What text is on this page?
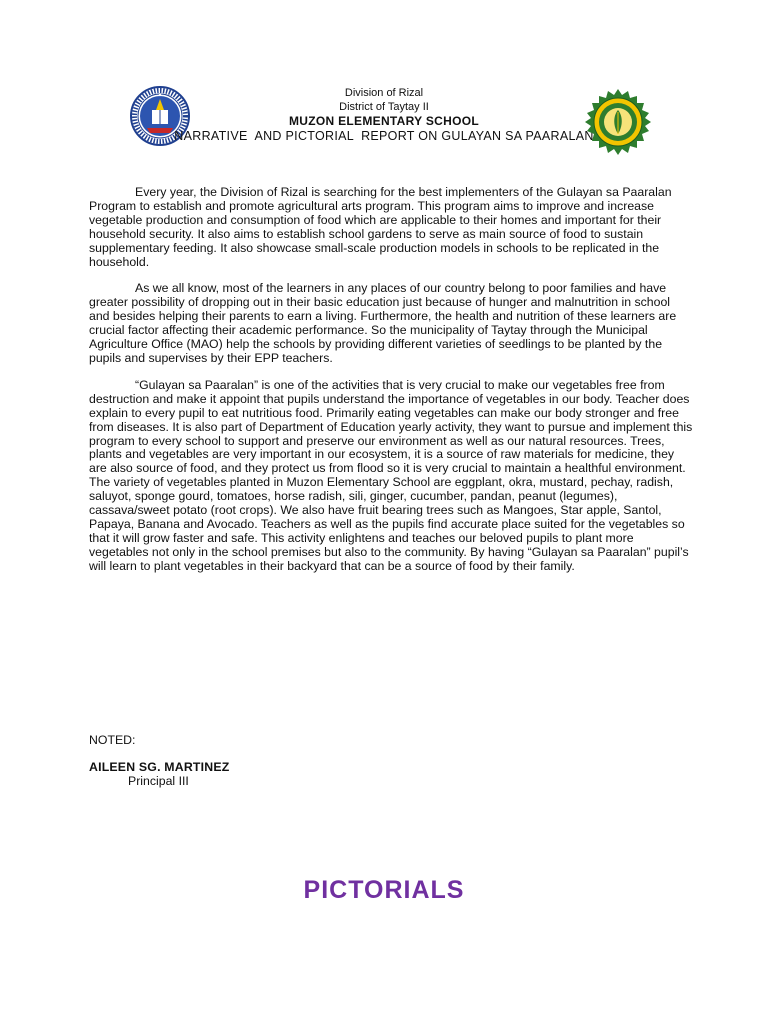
Division of Rizal
District of Taytay II
MUZON ELEMENTARY SCHOOL
NARRATIVE  AND PICTORIAL  REPORT ON GULAYAN SA PAARALAN

Every year, the Division of Rizal is searching for the best implementers of the Gulayan sa Paaralan Program to establish and promote agricultural arts program. This program aims to improve and increase vegetable production and consumption of food which are applicable to their homes and important for their household security. It also aims to establish school gardens to serve as main source of food to sustain supplementary feeding. It also showcase small-scale production models in schools to be replicated in the household.

As we all know, most of the learners in any places of our country belong to poor families and have greater possibility of dropping out in their basic education just because of hunger and malnutrition in school and besides helping their parents to earn a living. Furthermore, the health and nutrition of these learners are crucial factor affecting their academic performance. So the municipality of Taytay through the Municipal Agriculture Office (MAO) help the schools by providing different varieties of seedlings to be planted by the pupils and supervises by their EPP teachers.

“Gulayan sa Paaralan” is one of the activities that is very crucial to make our vegetables free from destruction and make it appoint that pupils understand the importance of vegetables in our body. Teacher does explain to every pupil to eat nutritious food. Primarily eating vegetables can make our body stronger and free from diseases. It is also part of Department of Education yearly activity, they want to pursue and implement this program to every school to support and preserve our environment as well as our natural resources. Trees, plants and vegetables are very important in our ecosystem, it is a source of raw materials for medicine, they are also source of food, and they protect us from flood so it is very crucial to maintain a healthful environment. The variety of vegetables planted in Muzon Elementary School are eggplant, okra, mustard, pechay, radish, saluyot, sponge gourd, tomatoes, horse radish, sili, ginger, cucumber, pandan, peanut (legumes), cassava/sweet potato (root crops). We also have fruit bearing trees such as Mangoes, Star apple, Santol, Papaya, Banana and Avocado. Teachers as well as the pupils find accurate place suited for the vegetables so that it will grow faster and safe. This activity enlightens and teaches our beloved pupils to plant more vegetables not only in the school premises but also to the community. By having “Gulayan sa Paaralan” pupil’s will learn to plant vegetables in their backyard that can be a source of food by their family.

NOTED:
AILEEN SG. MARTINEZ
Principal III
PICTORIALS
